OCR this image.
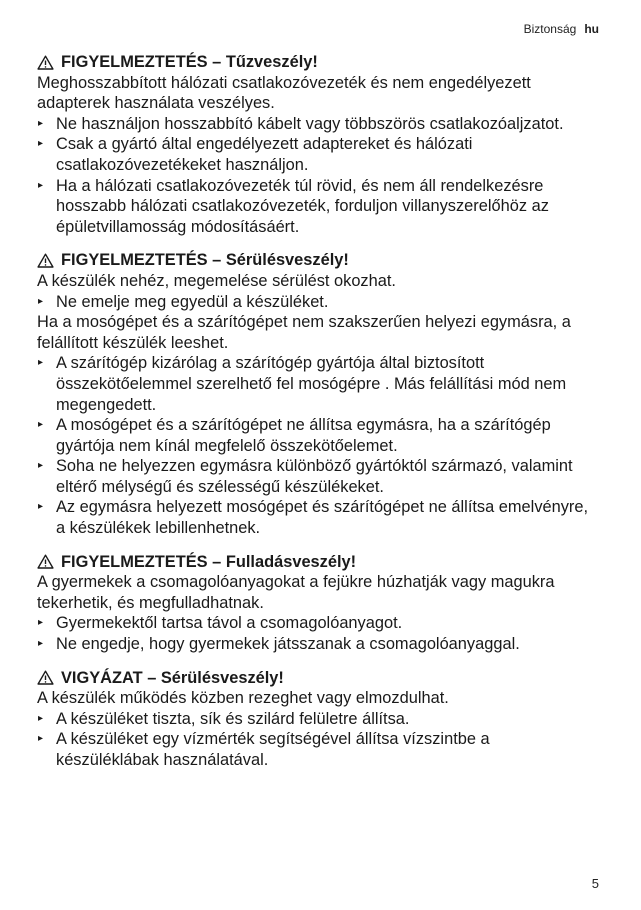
Biztonság hu
FIGYELMEZTETÉS – Tűzveszély!

Meghosszabbított hálózati csatlakozóvezeték és nem engedélyezett adapterek használata veszélyes.

▸ Ne használjon hosszabbító kábelt vagy többszörös csatlakozóaljzatot.
▸ Csak a gyártó által engedélyezett adaptereket és hálózati csatlakozóvezetékeket használjon.
▸ Ha a hálózati csatlakozóvezeték túl rövid, és nem áll rendelkezésre hosszabb hálózati csatlakozóvezeték, forduljon villanyszerelőhöz az épületvillamosság módosításáért.
FIGYELMEZTETÉS – Sérülésveszély!

A készülék nehéz, megemelése sérülést okozhat.

▸ Ne emelje meg egyedül a készüléket.

Ha a mosógépet és a szárítógépet nem szakszerűen helyezi egymásra, a felállított készülék leeshet.

▸ A szárítógép kizárólag a szárítógép gyártója által biztosított összekötőelemmel szerelhető fel mosógépre . Más felállítási mód nem megengedett.
▸ A mosógépet és a szárítógépet ne állítsa egymásra, ha a szárítógép gyártója nem kínál megfelelő összekötőelemet.
▸ Soha ne helyezzen egymásra különböző gyártóktól származó, valamint eltérő mélységű és szélességű készülékeket.
▸ Az egymásra helyezett mosógépet és szárítógépet ne állítsa emelvényre, a készülékek lebillenhetnek.
FIGYELMEZTETÉS – Fulladásveszély!

A gyermekek a csomagolóanyagokat a fejükre húzhatják vagy magukra tekerhetik, és megfulladhatnak.

▸ Gyermekektől tartsa távol a csomagolóanyagot.
▸ Ne engedje, hogy gyermekek játsszanak a csomagolóanyaggal.
VIGYÁZAT – Sérülésveszély!

A készülék működés közben rezeghet vagy elmozdulhat.

▸ A készüléket tiszta, sík és szilárd felületre állítsa.
▸ A készüléket egy vízmérték segítségével állítsa vízszintbe a készüléklábak használatával.
5
